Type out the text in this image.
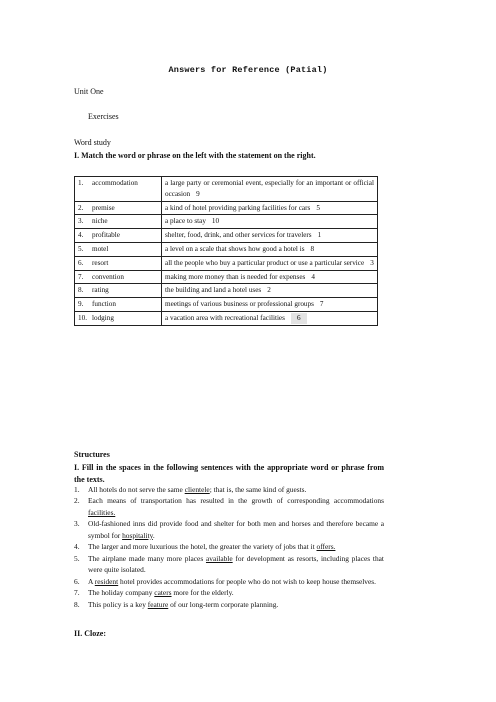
Answers for Reference (Patial)
Unit One
Exercises
Word study
I. Match the word or phrase on the left with the statement on the right.
1. accommodation	a large party or ceremonial event, especially for an important or official occasion 9
2. premise	a kind of hotel providing parking facilities for cars 5
3. niche	a place to stay 10
4. profitable	shelter, food, drink, and other services for travelers 1
5. motel	a level on a scale that shows how good a hotel is 8
6. resort	all the people who buy a particular product or use a particular service 3
7. convention	making more money than is needed for expenses 4
8. rating	the building and land a hotel uses 2
9. function	meetings of various business or professional groups 7
10. lodging	a vacation area with recreational facilities 6
Structures
I. Fill in the spaces in the following sentences with the appropriate word or phrase from the texts.
1. All hotels do not serve the same clientele; that is, the same kind of guests.
2. Each means of transportation has resulted in the growth of corresponding accommodations facilities.
3. Old-fashioned inns did provide food and shelter for both men and horses and therefore became a symbol for hospitality.
4. The larger and more luxurious the hotel, the greater the variety of jobs that it offers.
5. The airplane made many more places available for development as resorts, including places that were quite isolated.
6. A resident hotel provides accommodations for people who do not wish to keep house themselves.
7. The holiday company caters more for the elderly.
8. This policy is a key feature of our long-term corporate planning.
II. Cloze:
